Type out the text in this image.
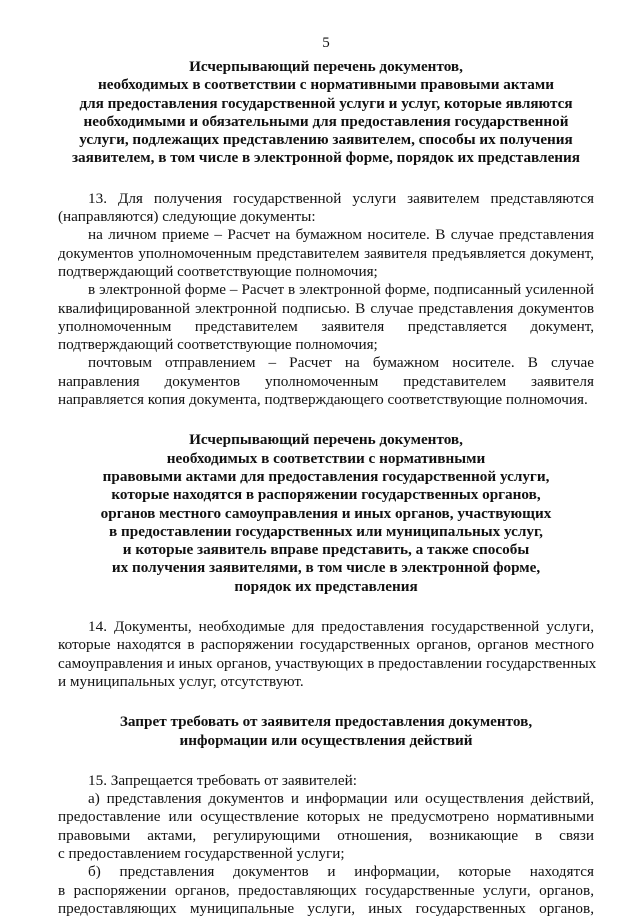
5
Исчерпывающий перечень документов,
необходимых в соответствии с нормативными правовыми актами
для предоставления государственной услуги и услуг, которые являются
необходимыми и обязательными для предоставления государственной
услуги, подлежащих представлению заявителем, способы их получения
заявителем, в том числе в электронной форме, порядок их представления
13. Для получения государственной услуги заявителем представляются
(направляются) следующие документы:
на личном приеме – Расчет на бумажном носителе. В случае представления
документов уполномоченным представителем заявителя предъявляется документ,
подтверждающий соответствующие полномочия;
в электронной форме – Расчет в электронной форме, подписанный усиленной
квалифицированной электронной подписью. В случае представления документов
уполномоченным представителем заявителя представляется документ,
подтверждающий соответствующие полномочия;
почтовым отправлением – Расчет на бумажном носителе. В случае
направления документов уполномоченным представителем заявителя
направляется копия документа, подтверждающего соответствующие полномочия.
Исчерпывающий перечень документов,
необходимых в соответствии с нормативными
правовыми актами для предоставления государственной услуги,
которые находятся в распоряжении государственных органов,
органов местного самоуправления и иных органов, участвующих
в предоставлении государственных или муниципальных услуг,
и которые заявитель вправе представить, а также способы
их получения заявителями, в том числе в электронной форме,
порядок их представления
14. Документы, необходимые для предоставления государственной услуги,
которые находятся в распоряжении государственных органов, органов местного
самоуправления и иных органов, участвующих в предоставлении государственных
и муниципальных услуг, отсутствуют.
Запрет требовать от заявителя предоставления документов,
информации или осуществления действий
15. Запрещается требовать от заявителей:
а) представления документов и информации или осуществления действий,
предоставление или осуществление которых не предусмотрено нормативными
правовыми актами, регулирующими отношения, возникающие в связи
с предоставлением государственной услуги;
б) представления документов и информации, которые находятся
в распоряжении органов, предоставляющих государственные услуги, органов,
предоставляющих муниципальные услуги, иных государственных органов,
